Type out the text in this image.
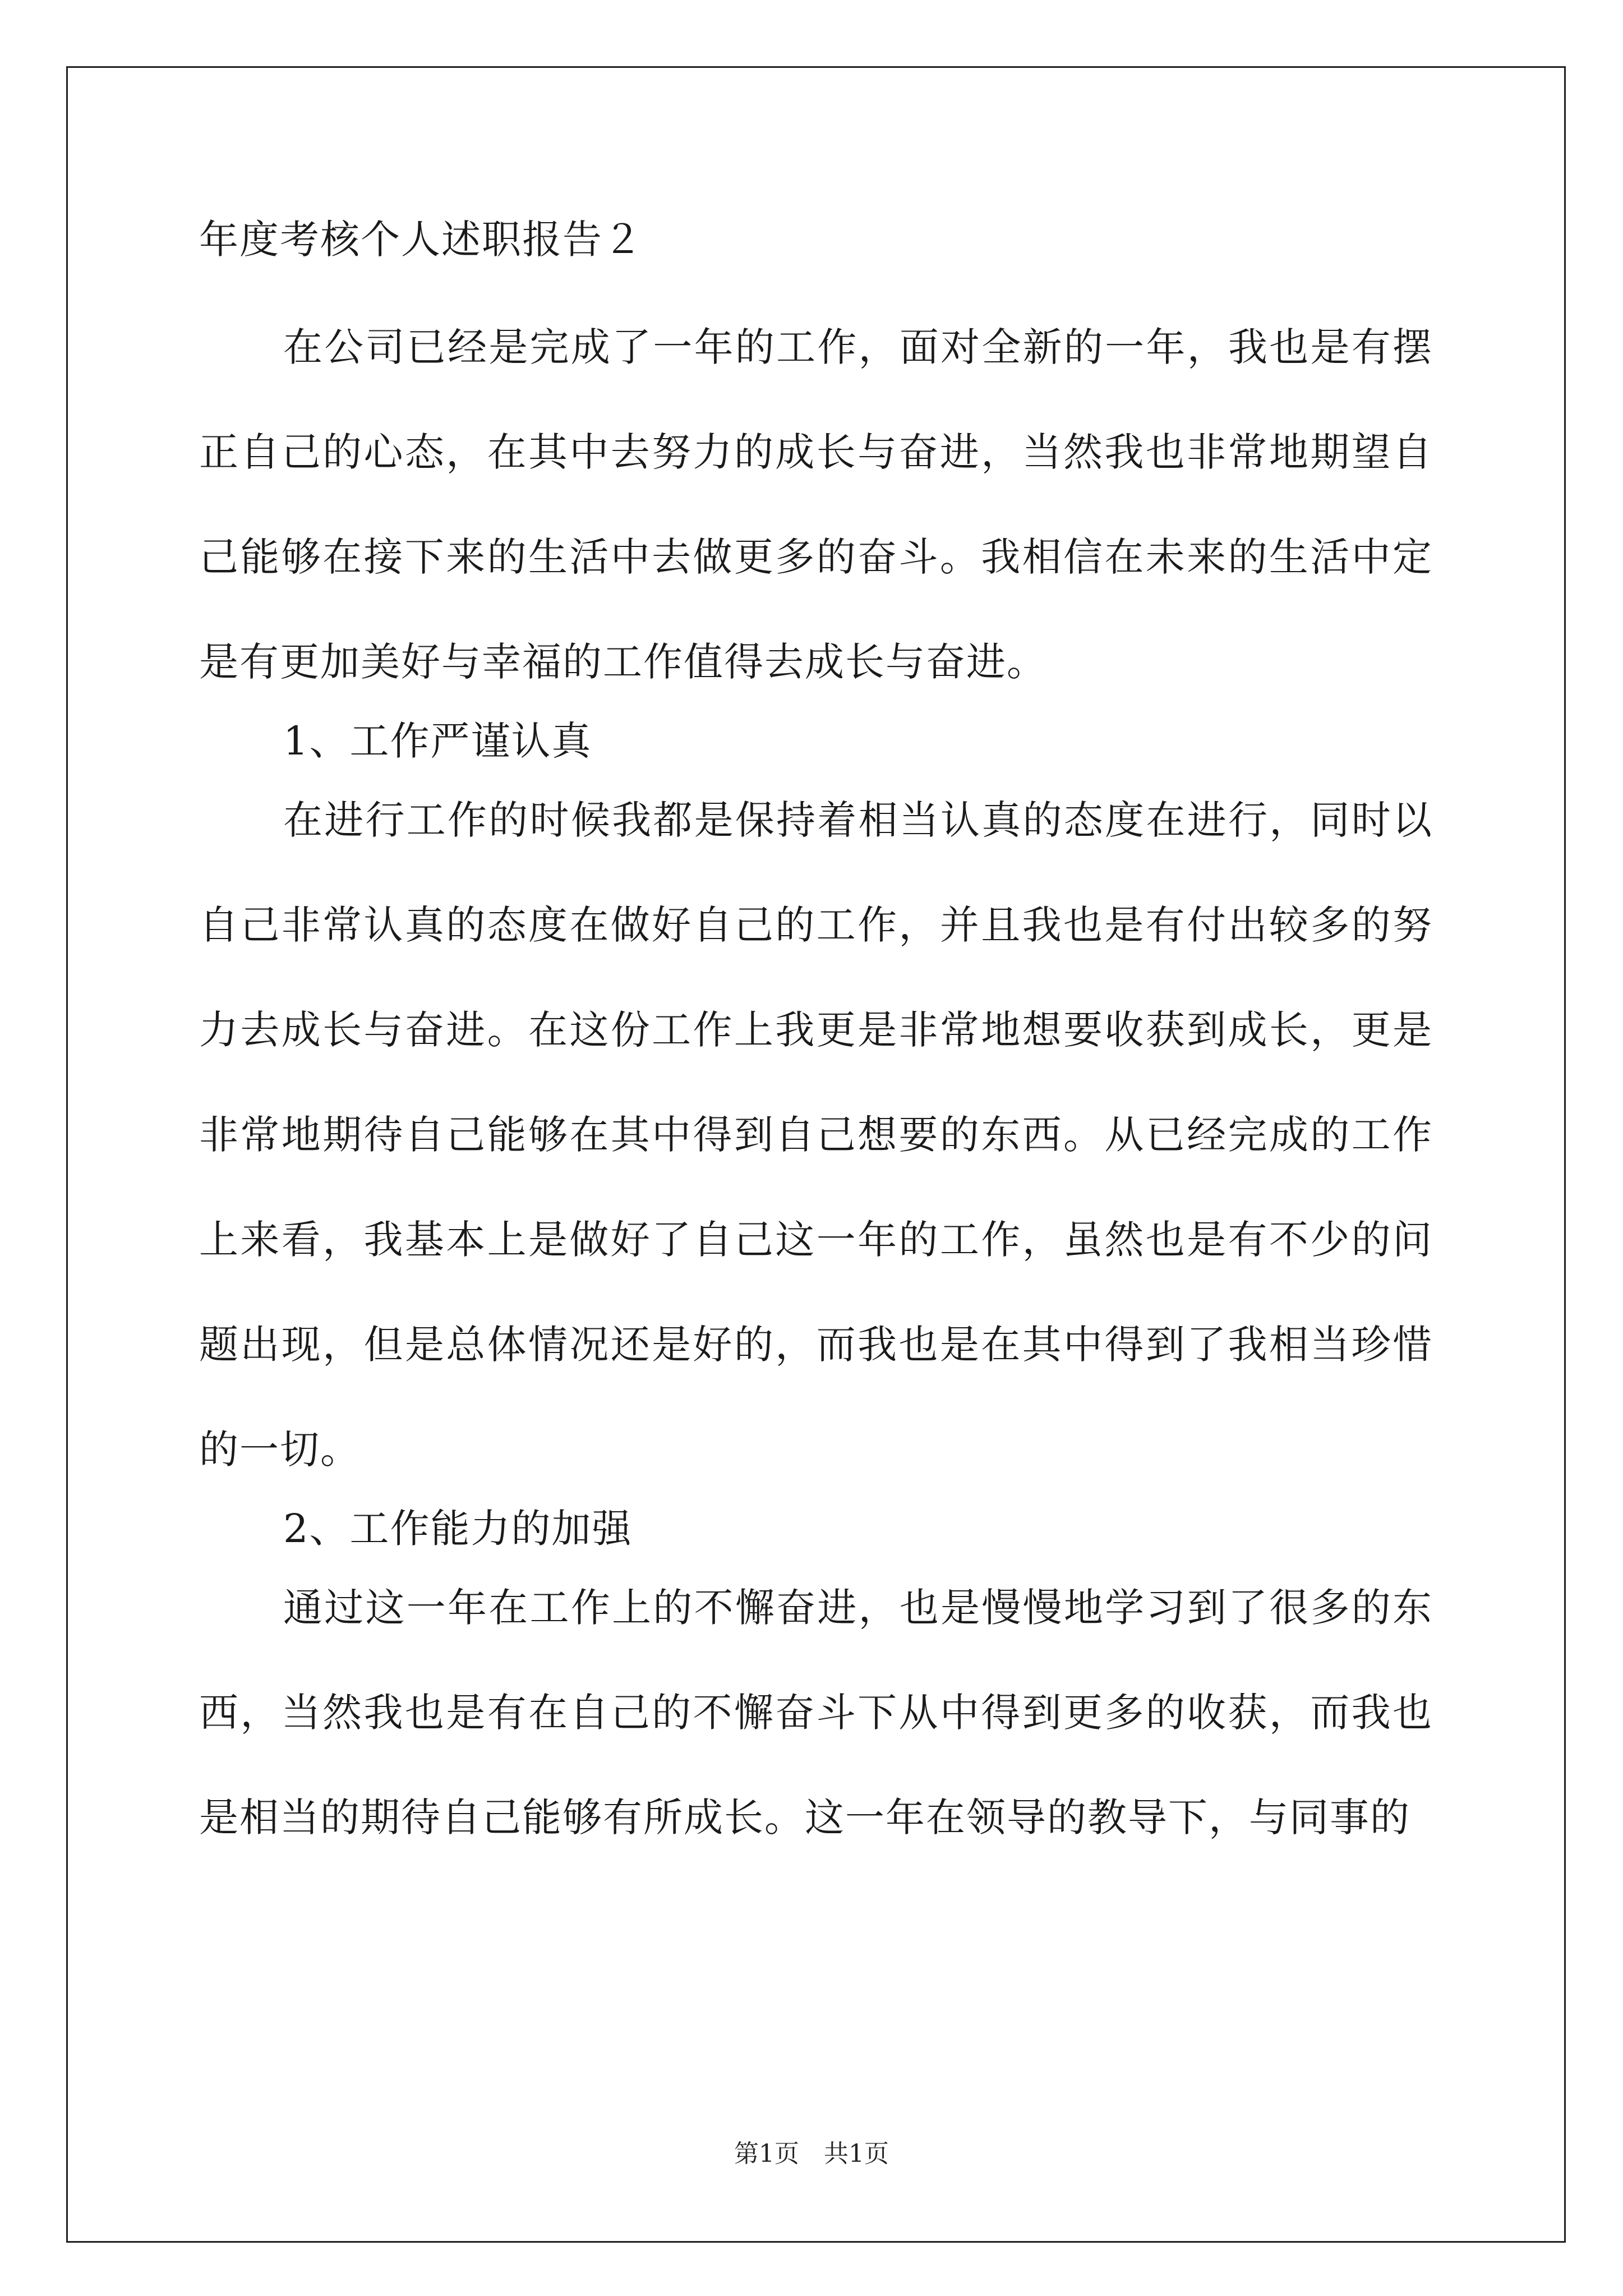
年度考核个人述职报告２

在公司已经是完成了一年的工作，面对全新的一年，我也是有摆正自己的心态，在其中去努力的成长与奋进，当然我也非常地期望自己能够在接下来的生活中去做更多的奋斗。我相信在未来的生活中定是有更加美好与幸福的工作值得去成长与奋进。

1、工作严谨认真

在进行工作的时候我都是保持着相当认真的态度在进行，同时以自己非常认真的态度在做好自己的工作，并且我也是有付出较多的努力去成长与奋进。在这份工作上我更是非常地想要收获到成长，更是非常地期待自己能够在其中得到自己想要的东西。从已经完成的工作上来看，我基本上是做好了自己这一年的工作，虽然也是有不少的问题出现，但是总体情况还是好的，而我也是在其中得到了我相当珍惜的一切。

2、工作能力的加强

通过这一年在工作上的不懈奋进，也是慢慢地学习到了很多的东西，当然我也是有在自己的不懈奋斗下从中得到更多的收获，而我也是相当的期待自己能够有所成长。这一年在领导的教导下，与同事的

第1页　共1页
